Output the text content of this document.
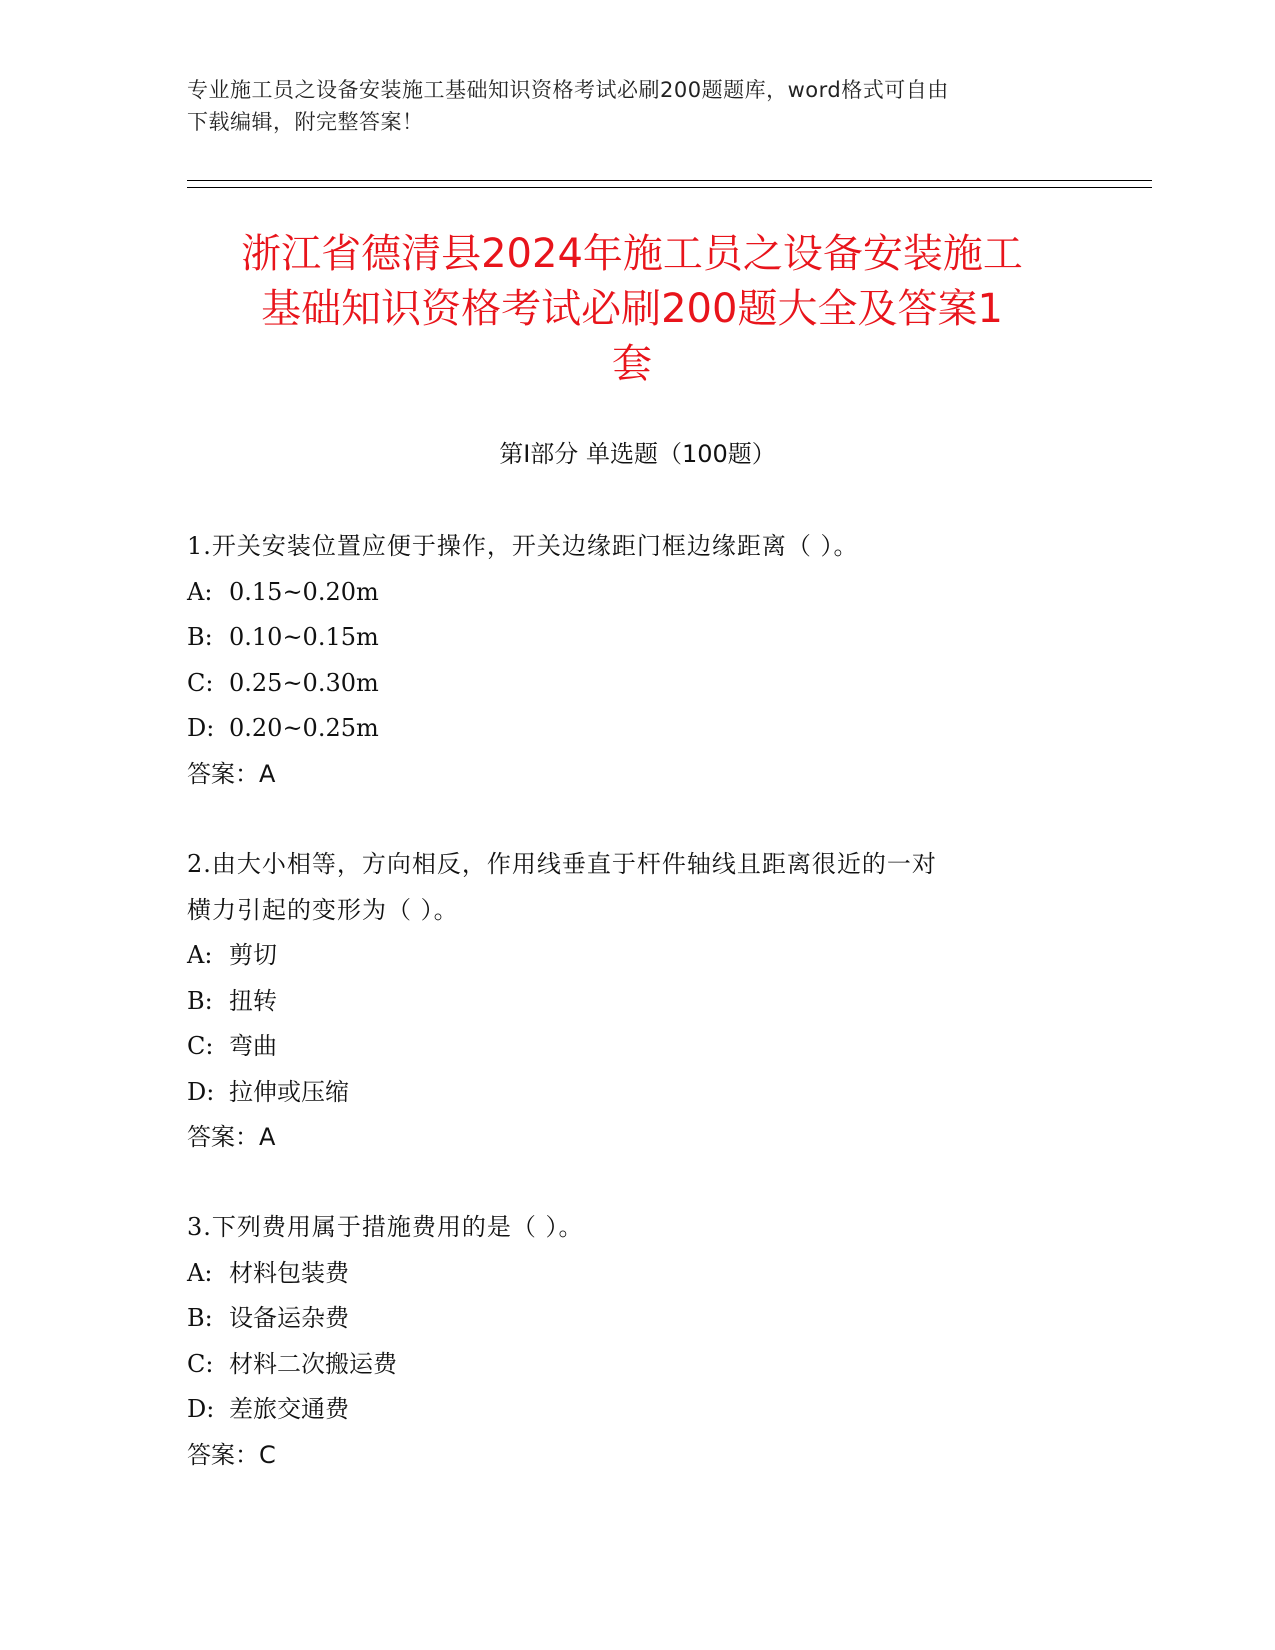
专业施工员之设备安装施工基础知识资格考试必刷200题题库，word格式可自由
下载编辑，附完整答案！
浙江省德清县2024年施工员之设备安装施工
基础知识资格考试必刷200题大全及答案1
套
第Ⅰ部分 单选题（100题）
1.开关安装位置应便于操作，开关边缘距门框边缘距离（ ）。
A: 0.15~0.20m
B: 0.10~0.15m
C: 0.25~0.30m
D: 0.20~0.25m
答案：A
2.由大小相等，方向相反，作用线垂直于杆件轴线且距离很近的一对
横力引起的变形为（ ）。
A: 剪切
B: 扭转
C: 弯曲
D: 拉伸或压缩
答案：A
3.下列费用属于措施费用的是（ ）。
A: 材料包装费
B: 设备运杂费
C: 材料二次搬运费
D: 差旅交通费
答案：C
